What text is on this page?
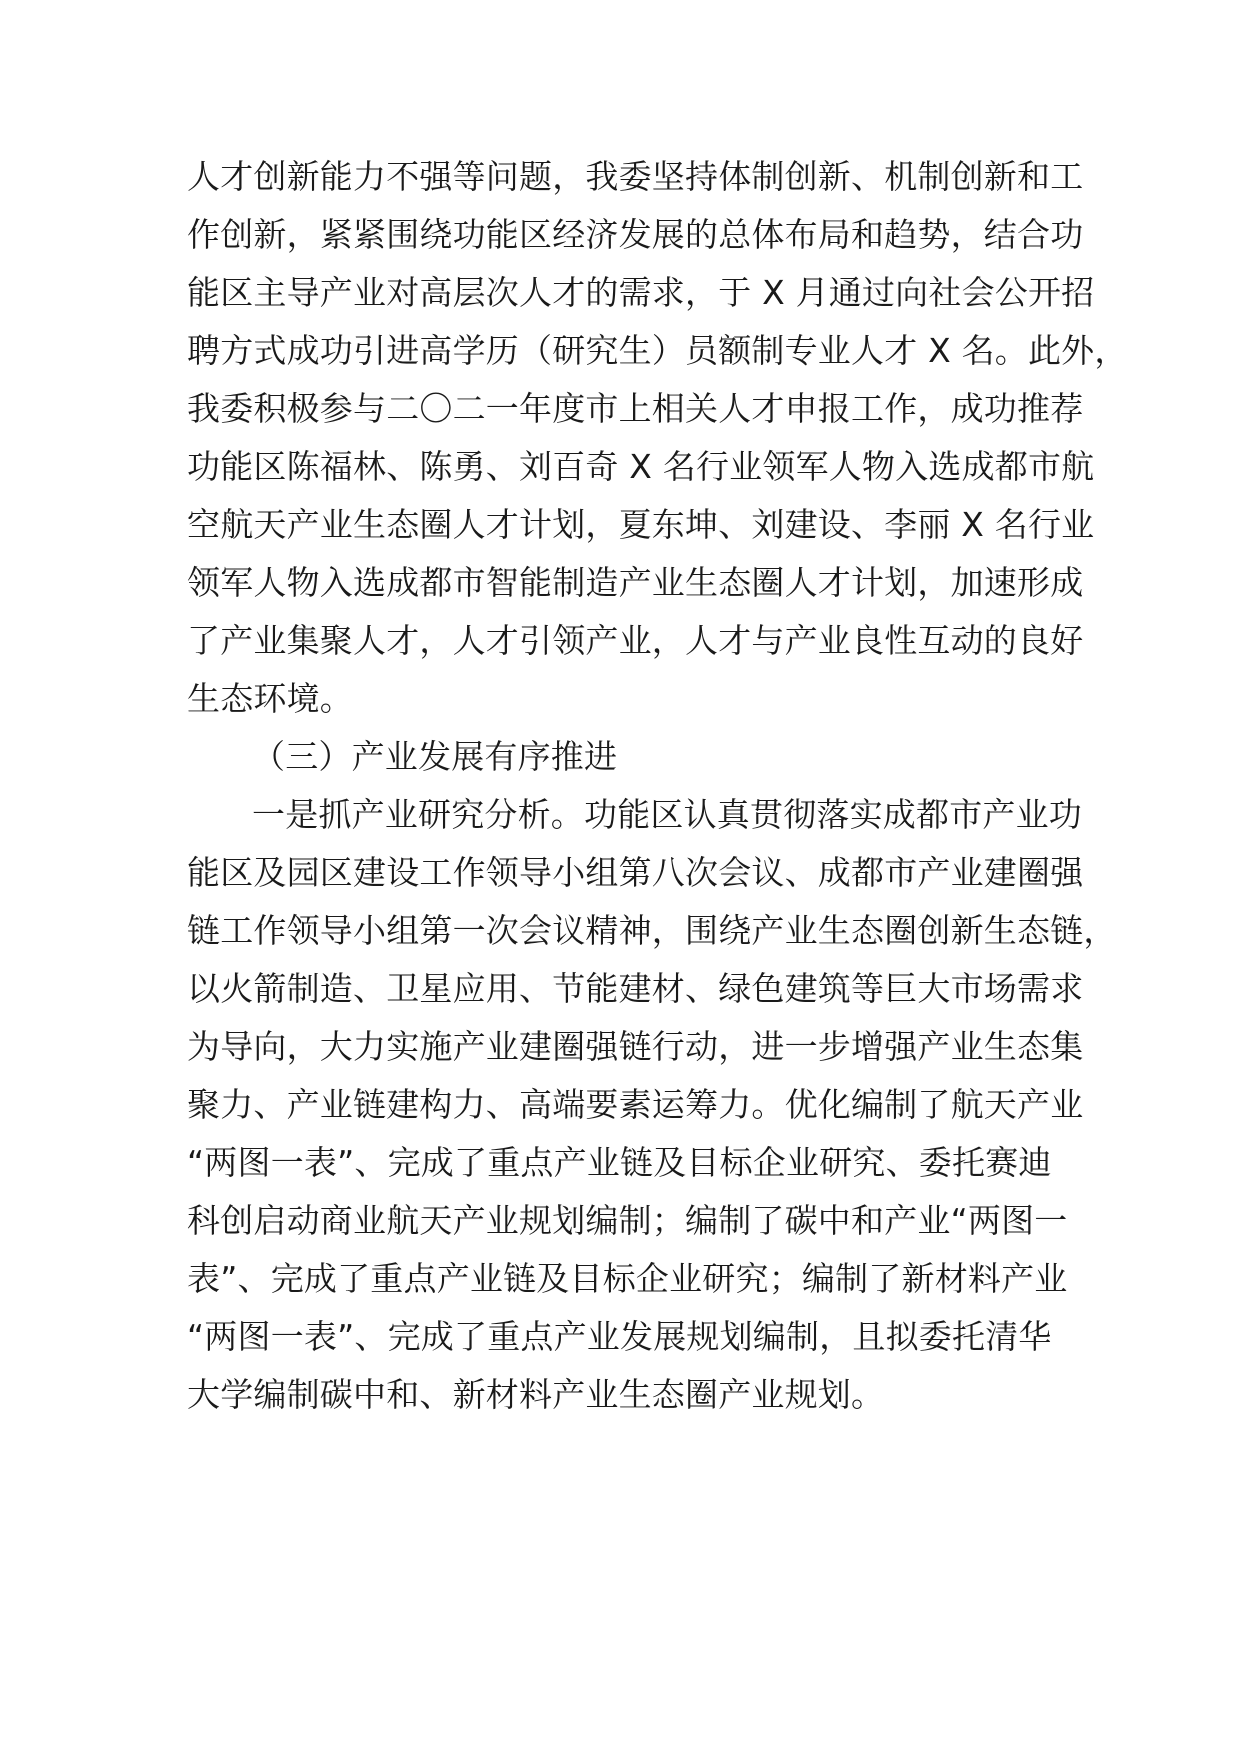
人才创新能力不强等问题，我委坚持体制创新、机制创新和工
作创新，紧紧围绕功能区经济发展的总体布局和趋势，结合功
能区主导产业对高层次人才的需求，于 X 月通过向社会公开招
聘方式成功引进高学历（研究生）员额制专业人才 X 名。此外，
我委积极参与二〇二一年度市上相关人才申报工作，成功推荐
功能区陈福林、陈勇、刘百奇 X 名行业领军人物入选成都市航
空航天产业生态圈人才计划，夏东坤、刘建设、李丽 X 名行业
领军人物入选成都市智能制造产业生态圈人才计划，加速形成
了产业集聚人才，人才引领产业，人才与产业良性互动的良好
生态环境。
（三）产业发展有序推进
一是抓产业研究分析。功能区认真贯彻落实成都市产业功
能区及园区建设工作领导小组第八次会议、成都市产业建圈强
链工作领导小组第一次会议精神，围绕产业生态圈创新生态链，
以火箭制造、卫星应用、节能建材、绿色建筑等巨大市场需求
为导向，大力实施产业建圈强链行动，进一步增强产业生态集
聚力、产业链建构力、高端要素运筹力。优化编制了航天产业
“两图一表”、完成了重点产业链及目标企业研究、委托赛迪
科创启动商业航天产业规划编制；编制了碳中和产业“两图一
表”、完成了重点产业链及目标企业研究；编制了新材料产业
“两图一表”、完成了重点产业发展规划编制，且拟委托清华
大学编制碳中和、新材料产业生态圈产业规划。
